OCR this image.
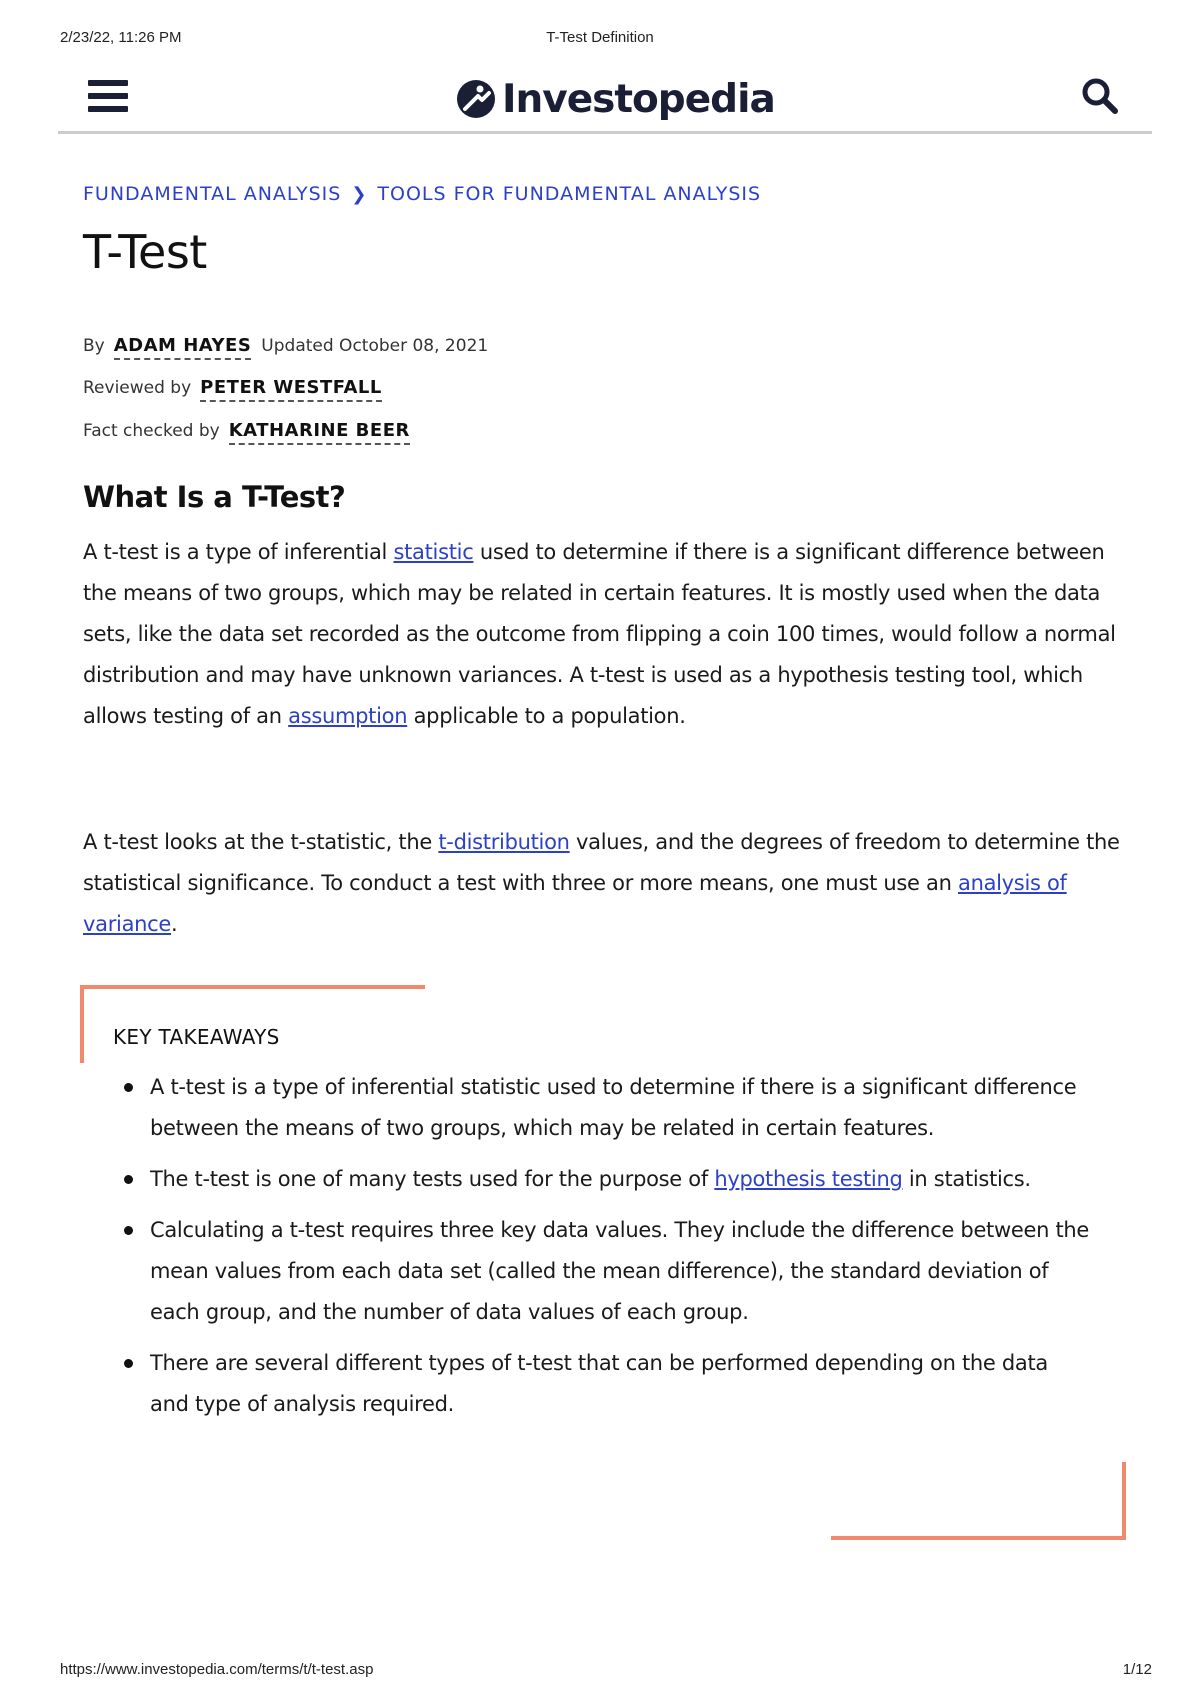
2/23/22, 11:26 PM	T-Test Definition
Investopedia
FUNDAMENTAL ANALYSIS ❯ TOOLS FOR FUNDAMENTAL ANALYSIS
T-Test
By ADAM HAYES Updated October 08, 2021
Reviewed by PETER WESTFALL
Fact checked by KATHARINE BEER
What Is a T-Test?

A t-test is a type of inferential statistic used to determine if there is a significant difference between the means of two groups, which may be related in certain features. It is mostly used when the data sets, like the data set recorded as the outcome from flipping a coin 100 times, would follow a normal distribution and may have unknown variances. A t-test is used as a hypothesis testing tool, which allows testing of an assumption applicable to a population.

A t-test looks at the t-statistic, the t-distribution values, and the degrees of freedom to determine the statistical significance. To conduct a test with three or more means, one must use an analysis of variance.

KEY TAKEAWAYS
A t-test is a type of inferential statistic used to determine if there is a significant difference between the means of two groups, which may be related in certain features.
The t-test is one of many tests used for the purpose of hypothesis testing in statistics.
Calculating a t-test requires three key data values. They include the difference between the mean values from each data set (called the mean difference), the standard deviation of each group, and the number of data values of each group.
There are several different types of t-test that can be performed depending on the data and type of analysis required.
https://www.investopedia.com/terms/t/t-test.asp	1/12
